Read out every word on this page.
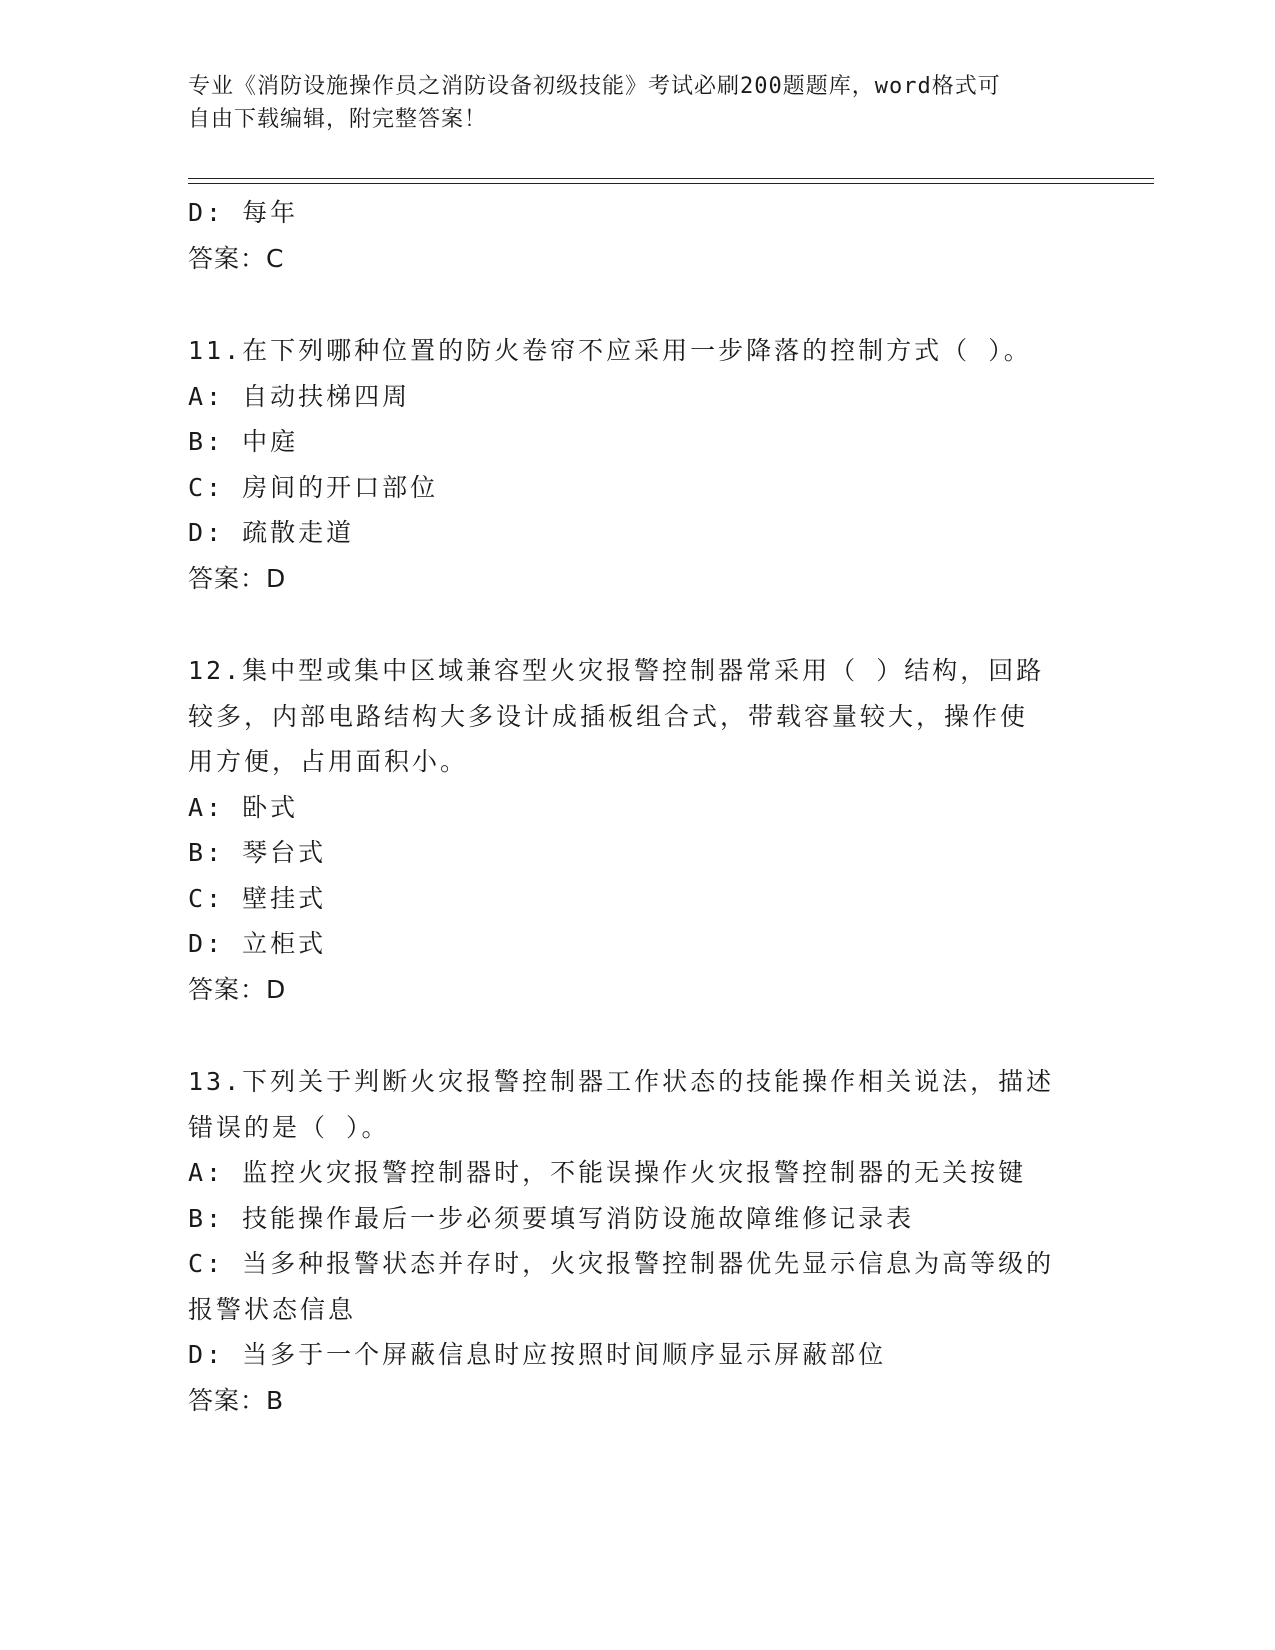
专业《消防设施操作员之消防设备初级技能》考试必刷200题题库，word格式可
自由下载编辑，附完整答案！
D: 每年
答案：C
11.在下列哪种位置的防火卷帘不应采用一步降落的控制方式（ ）。
A: 自动扶梯四周
B: 中庭
C: 房间的开口部位
D: 疏散走道
答案：D
12.集中型或集中区域兼容型火灾报警控制器常采用（ ）结构，回路
较多，内部电路结构大多设计成插板组合式，带载容量较大，操作使
用方便，占用面积小。
A: 卧式
B: 琴台式
C: 壁挂式
D: 立柜式
答案：D
13.下列关于判断火灾报警控制器工作状态的技能操作相关说法，描述
错误的是（ ）。
A: 监控火灾报警控制器时，不能误操作火灾报警控制器的无关按键
B: 技能操作最后一步必须要填写消防设施故障维修记录表
C: 当多种报警状态并存时，火灾报警控制器优先显示信息为高等级的
报警状态信息
D: 当多于一个屏蔽信息时应按照时间顺序显示屏蔽部位
答案：B
